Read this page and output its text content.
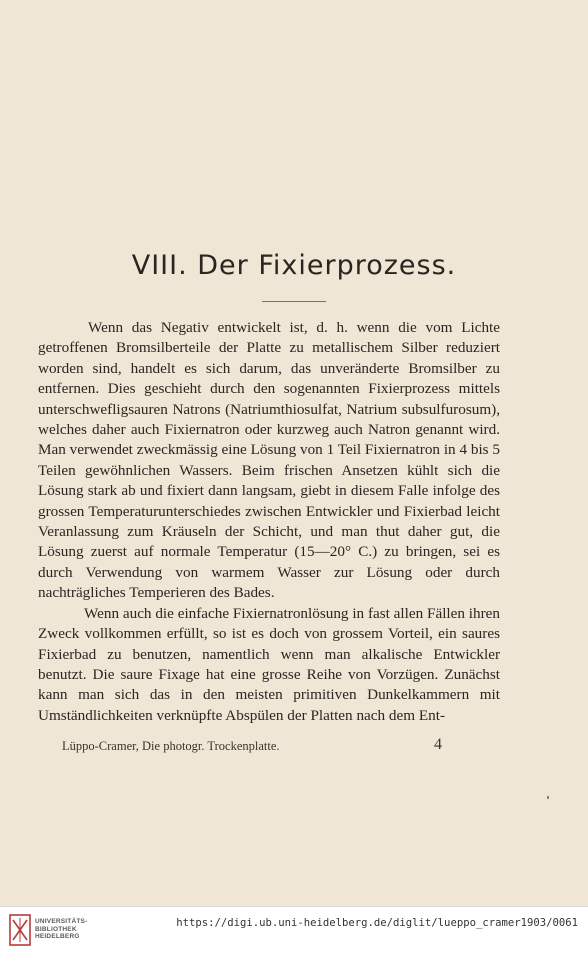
VIII. Der Fixierprozess.

Wenn das Negativ entwickelt ist, d. h. wenn die vom Lichte getroffenen Bromsilberteile der Platte zu metallischem Silber reduziert worden sind, handelt es sich darum, das unveränderte Bromsilber zu entfernen. Dies geschieht durch den sogenannten Fixierprozess mittels unterschwefligsauren Natrons (Natriumthiosulfat, Natrium subsulfurosum), welches daher auch Fixiernatron oder kurzweg auch Natron genannt wird. Man verwendet zweckmässig eine Lösung von 1 Teil Fixiernatron in 4 bis 5 Teilen gewöhnlichen Wassers. Beim frischen Ansetzen kühlt sich die Lösung stark ab und fixiert dann langsam, giebt in diesem Falle infolge des grossen Temperaturunterschiedes zwischen Entwickler und Fixierbad leicht Veranlassung zum Kräuseln der Schicht, und man thut daher gut, die Lösung zuerst auf normale Temperatur (15—20° C.) zu bringen, sei es durch Verwendung von warmem Wasser zur Lösung oder durch nachträgliches Temperieren des Bades.

Wenn auch die einfache Fixiernatronlösung in fast allen Fällen ihren Zweck vollkommen erfüllt, so ist es doch von grossem Vorteil, ein saures Fixierbad zu benutzen, namentlich wenn man alkalische Entwickler benutzt. Die saure Fixage hat eine grosse Reihe von Vorzügen. Zunächst kann man sich das in den meisten primitiven Dunkelkammern mit Umständlichkeiten verknüpfte Abspülen der Platten nach dem Ent-

Lüppo-Cramer, Die photogr. Trockenplatte.	4
UNIVERSITÄTS-
BIBLIOTHEK
HEIDELBERG
https://digi.ub.uni-heidelberg.de/diglit/lueppo_cramer1903/0061
